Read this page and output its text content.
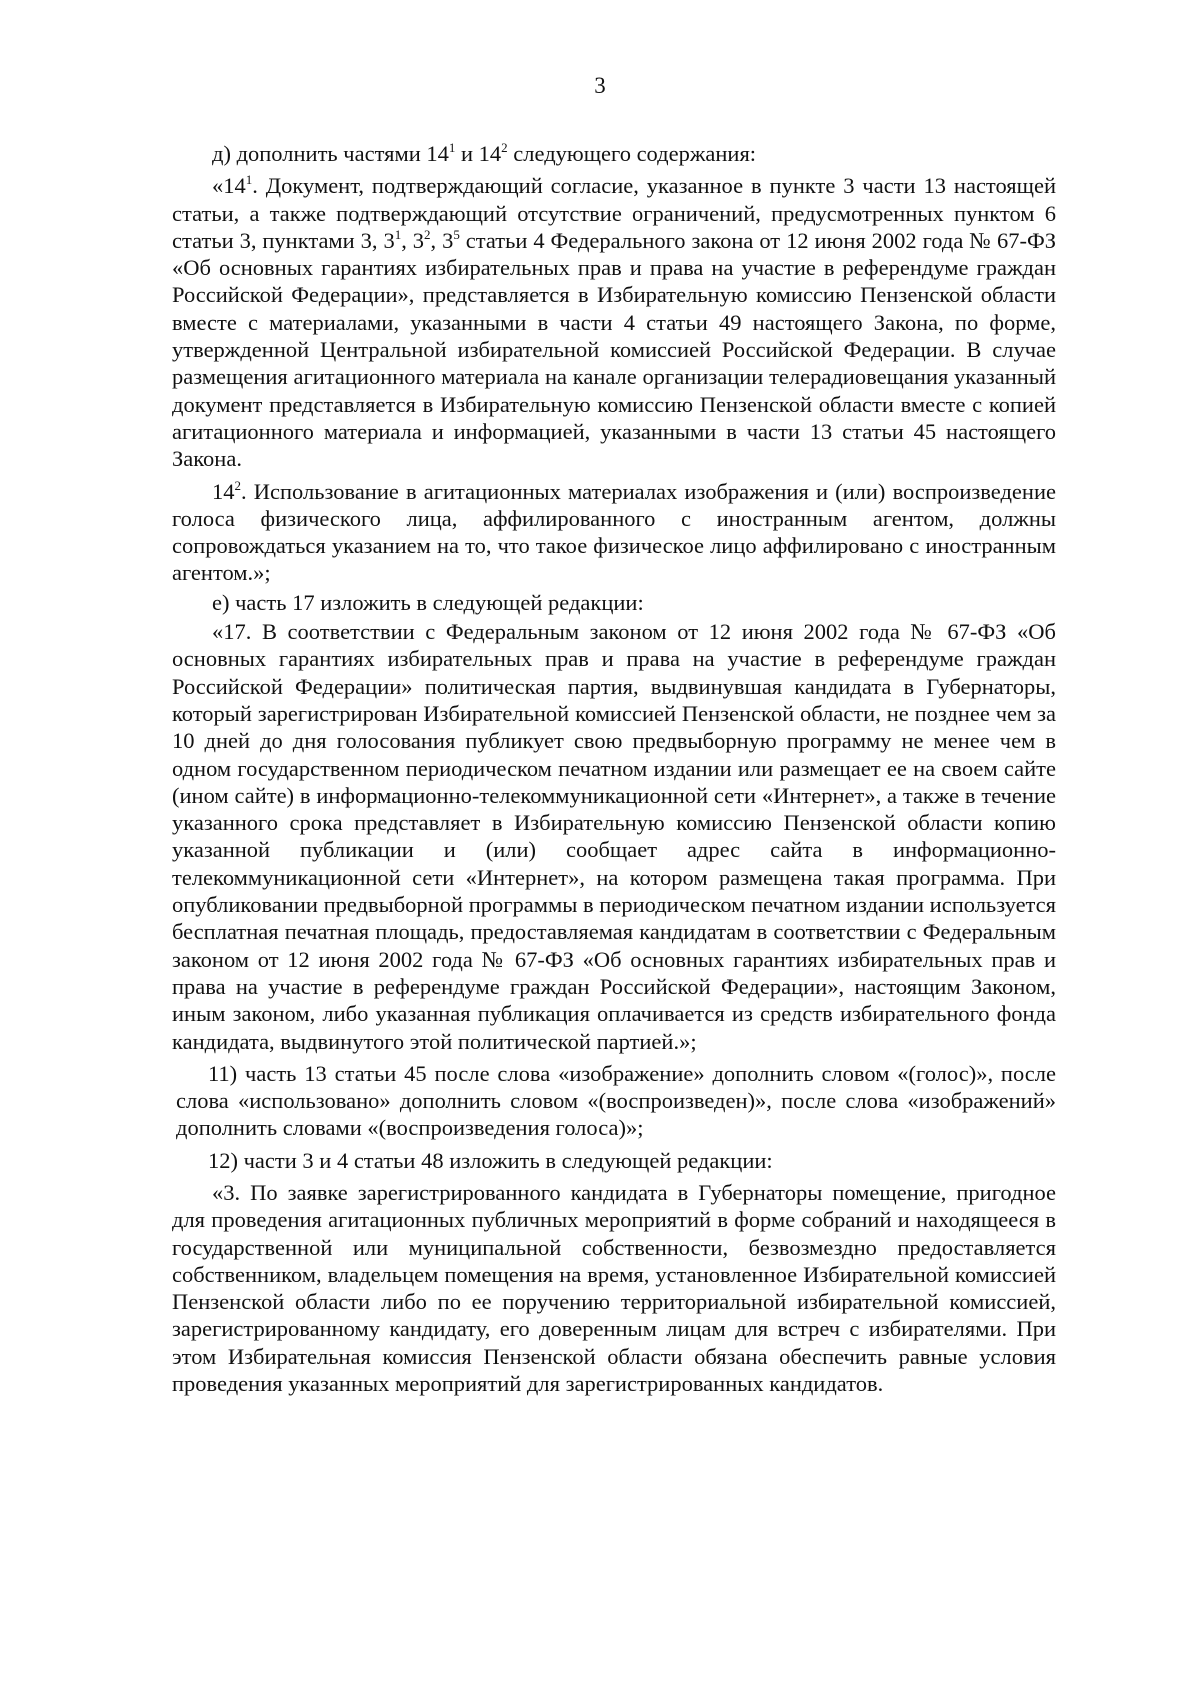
3

д) дополнить частями $14^1$ и $14^2$ следующего содержания:

«$14^1$. Документ, подтверждающий согласие, указанное в пункте 3 части 13 настоящей статьи, а также подтверждающий отсутствие ограничений, предусмотренных пунктом 6 статьи 3, пунктами 3, $3^1$, $3^2$, $3^5$ статьи 4 Федерального закона от 12 июня 2002 года № 67-ФЗ «Об основных гарантиях избирательных прав и права на участие в референдуме граждан Российской Федерации», представляется в Избирательную комиссию Пензенской области вместе с материалами, указанными в части 4 статьи 49 настоящего Закона, по форме, утвержденной Центральной избирательной комиссией Российской Федерации. В случае размещения агитационного материала на канале организации телерадиовещания указанный документ представляется в Избирательную комиссию Пензенской области вместе с копией агитационного материала и информацией, указанными в части 13 статьи 45 настоящего Закона.

$14^2$. Использование в агитационных материалах изображения и (или) воспроизведение голоса физического лица, аффилированного с иностранным агентом, должны сопровождаться указанием на то, что такое физическое лицо аффилировано с иностранным агентом.»;

е) часть 17 изложить в следующей редакции:

«17. В соответствии с Федеральным законом от 12 июня 2002 года № 67-ФЗ «Об основных гарантиях избирательных прав и права на участие в референдуме граждан Российской Федерации» политическая партия, выдвинувшая кандидата в Губернаторы, который зарегистрирован Избирательной комиссией Пензенской области, не позднее чем за 10 дней до дня голосования публикует свою предвыборную программу не менее чем в одном государственном периодическом печатном издании или размещает ее на своем сайте (ином сайте) в информационно-телекоммуникационной сети «Интернет», а также в течение указанного срока представляет в Избирательную комиссию Пензенской области копию указанной публикации и (или) сообщает адрес сайта в информационно-телекоммуникационной сети «Интернет», на котором размещена такая программа. При опубликовании предвыборной программы в периодическом печатном издании используется бесплатная печатная площадь, предоставляемая кандидатам в соответствии с Федеральным законом от 12 июня 2002 года № 67-ФЗ «Об основных гарантиях избирательных прав и права на участие в референдуме граждан Российской Федерации», настоящим Законом, иным законом, либо указанная публикация оплачивается из средств избирательного фонда кандидата, выдвинутого этой политической партией.»;

11) часть 13 статьи 45 после слова «изображение» дополнить словом «(голос)», после слова «использовано» дополнить словом «(воспроизведен)», после слова «изображений» дополнить словами «(воспроизведения голоса)»;

12) части 3 и 4 статьи 48 изложить в следующей редакции:

«3. По заявке зарегистрированного кандидата в Губернаторы помещение, пригодное для проведения агитационных публичных мероприятий в форме собраний и находящееся в государственной или муниципальной собственности, безвозмездно предоставляется собственником, владельцем помещения на время, установленное Избирательной комиссией Пензенской области либо по ее поручению территориальной избирательной комиссией, зарегистрированному кандидату, его доверенным лицам для встреч с избирателями. При этом Избирательная комиссия Пензенской области обязана обеспечить равные условия проведения указанных мероприятий для зарегистрированных кандидатов.
